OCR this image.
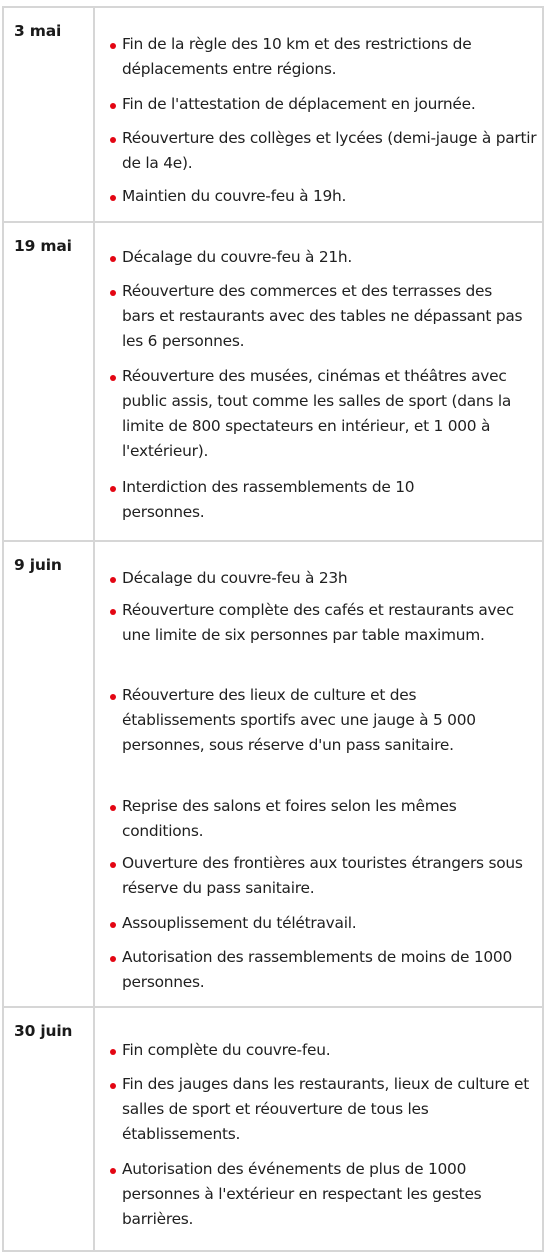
3 mai
Fin de la règle des 10 km et des restrictions de déplacements entre régions.
Fin de l'attestation de déplacement en journée.
Réouverture des collèges et lycées (demi-jauge à partir de la 4e).
Maintien du couvre-feu à 19h.
19 mai
Décalage du couvre-feu à 21h.
Réouverture des commerces et des terrasses des bars et restaurants avec des tables ne dépassant pas les 6 personnes.
Réouverture des musées, cinémas et théâtres avec public assis, tout comme les salles de sport (dans la limite de 800 spectateurs en intérieur, et 1 000 à l'extérieur).
Interdiction des rassemblements de 10 personnes.
9 juin
Décalage du couvre-feu à 23h
Réouverture complète des cafés et restaurants avec une limite de six personnes par table maximum.
Réouverture des lieux de culture et des établissements sportifs avec une jauge à 5 000 personnes, sous réserve d'un pass sanitaire.
Reprise des salons et foires selon les mêmes conditions.
Ouverture des frontières aux touristes étrangers sous réserve du pass sanitaire.
Assouplissement du télétravail.
Autorisation des rassemblements de moins de 1000 personnes.
30 juin
Fin complète du couvre-feu.
Fin des jauges dans les restaurants, lieux de culture et salles de sport et réouverture de tous les établissements.
Autorisation des événements de plus de 1000 personnes à l'extérieur en respectant les gestes barrières.
